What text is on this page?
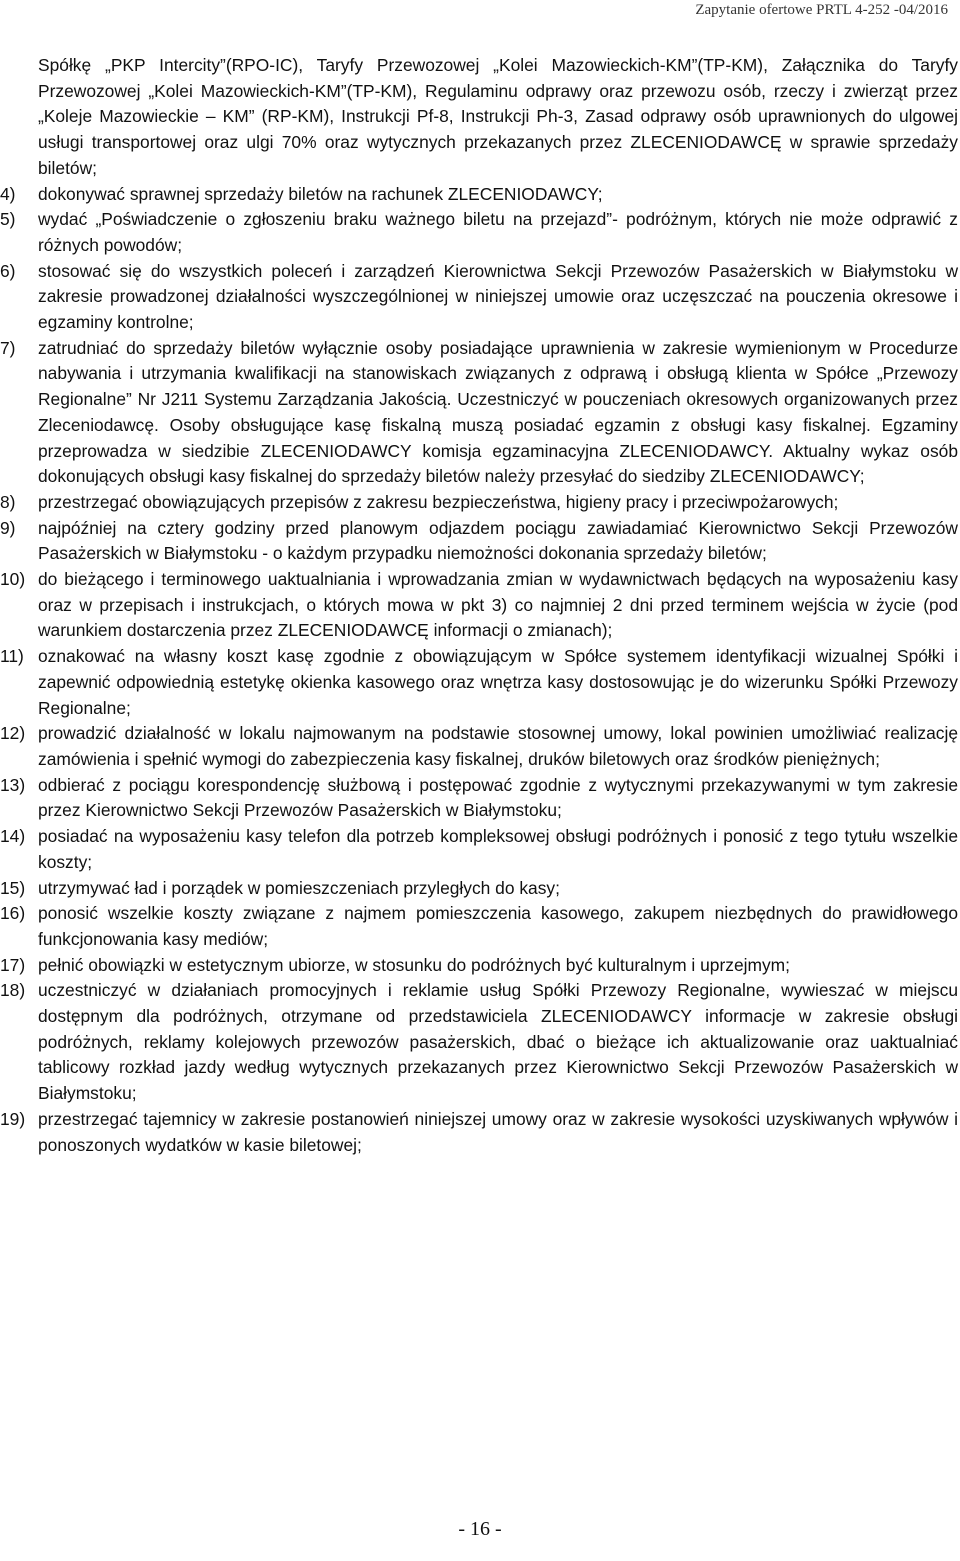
Zapytanie ofertowe PRTL 4-252 -04/2016

Spółkę „PKP Intercity”(RPO-IC), Taryfy Przewozowej „Kolei Mazowieckich-KM”(TP-KM), Załącznika do Taryfy Przewozowej „Kolei Mazowieckich-KM”(TP-KM), Regulaminu odprawy oraz przewozu osób, rzeczy i zwierząt przez „Koleje Mazowieckie – KM” (RP-KM), Instrukcji Pf-8, Instrukcji Ph-3, Zasad odprawy osób uprawnionych do ulgowej usługi transportowej oraz ulgi 70% oraz wytycznych przekazanych przez ZLECENIODAWCĘ w sprawie sprzedaży biletów;

4) dokonywać sprawnej sprzedaży biletów na rachunek ZLECENIODAWCY;
5) wydać „Poświadczenie o zgłoszeniu braku ważnego biletu na przejazd”- podróżnym, których nie może odprawić z różnych powodów;
6) stosować się do wszystkich poleceń i zarządzeń Kierownictwa Sekcji Przewozów Pasażerskich w Białymstoku w zakresie prowadzonej działalności wyszczególnionej w niniejszej umowie oraz uczęszczać na pouczenia okresowe i egzaminy kontrolne;
7) zatrudniać do sprzedaży biletów wyłącznie osoby posiadające uprawnienia w zakresie wymienionym w Procedurze nabywania i utrzymania kwalifikacji na stanowiskach związanych z odprawą i obsługą klienta w Spółce „Przewozy Regionalne” Nr J211 Systemu Zarządzania Jakością. Uczestniczyć w pouczeniach okresowych organizowanych przez Zleceniodawcę. Osoby obsługujące kasę fiskalną muszą posiadać egzamin z obsługi kasy fiskalnej. Egzaminy przeprowadza w siedzibie ZLECENIODAWCY komisja egzaminacyjna ZLECENIODAWCY. Aktualny wykaz osób dokonujących obsługi kasy fiskalnej do sprzedaży biletów należy przesyłać do siedziby ZLECENIODAWCY;
8) przestrzegać obowiązujących przepisów z zakresu bezpieczeństwa, higieny pracy i przeciwpożarowych;
9) najpóźniej na cztery godziny przed planowym odjazdem pociągu zawiadamiać Kierownictwo Sekcji Przewozów Pasażerskich w Białymstoku - o każdym przypadku niemożności dokonania sprzedaży biletów;
10) do bieżącego i terminowego uaktualniania i wprowadzania zmian w wydawnictwach będących na wyposażeniu kasy oraz w przepisach i instrukcjach, o których mowa w pkt 3) co najmniej 2 dni przed terminem wejścia w życie (pod warunkiem dostarczenia przez ZLECENIODAWCĘ informacji o zmianach);
11) oznakować na własny koszt kasę zgodnie z obowiązującym w Spółce systemem identyfikacji wizualnej Spółki i zapewnić odpowiednią estetykę okienka kasowego oraz wnętrza kasy dostosowując je do wizerunku Spółki Przewozy Regionalne;
12) prowadzić działalność w lokalu najmowanym na podstawie stosownej umowy, lokal powinien umożliwiać realizację zamówienia i spełnić wymogi do zabezpieczenia kasy fiskalnej, druków biletowych oraz środków pieniężnych;
13) odbierać z pociągu korespondencję służbową i postępować zgodnie z wytycznymi przekazywanymi w tym zakresie przez Kierownictwo Sekcji Przewozów Pasażerskich w Białymstoku;
14) posiadać na wyposażeniu kasy telefon dla potrzeb kompleksowej obsługi podróżnych i ponosić z tego tytułu wszelkie koszty;
15) utrzymywać ład i porządek w pomieszczeniach przyległych do kasy;
16) ponosić wszelkie koszty związane z najmem pomieszczenia kasowego, zakupem niezbędnych do prawidłowego funkcjonowania kasy mediów;
17) pełnić obowiązki w estetycznym ubiorze, w stosunku do podróżnych być kulturalnym i uprzejmym;
18) uczestniczyć w działaniach promocyjnych i reklamie usług Spółki Przewozy Regionalne, wywieszać w miejscu dostępnym dla podróżnych, otrzymane od przedstawiciela ZLECENIODAWCY informacje w zakresie obsługi podróżnych, reklamy kolejowych przewozów pasażerskich, dbać o bieżące ich aktualizowanie oraz uaktualniać tablicowy rozkład jazdy według wytycznych przekazanych przez Kierownictwo Sekcji Przewozów Pasażerskich w Białymstoku;
19) przestrzegać tajemnicy w zakresie postanowień niniejszej umowy oraz w zakresie wysokości uzyskiwanych wpływów i ponoszonych wydatków w kasie biletowej;
- 16 -
